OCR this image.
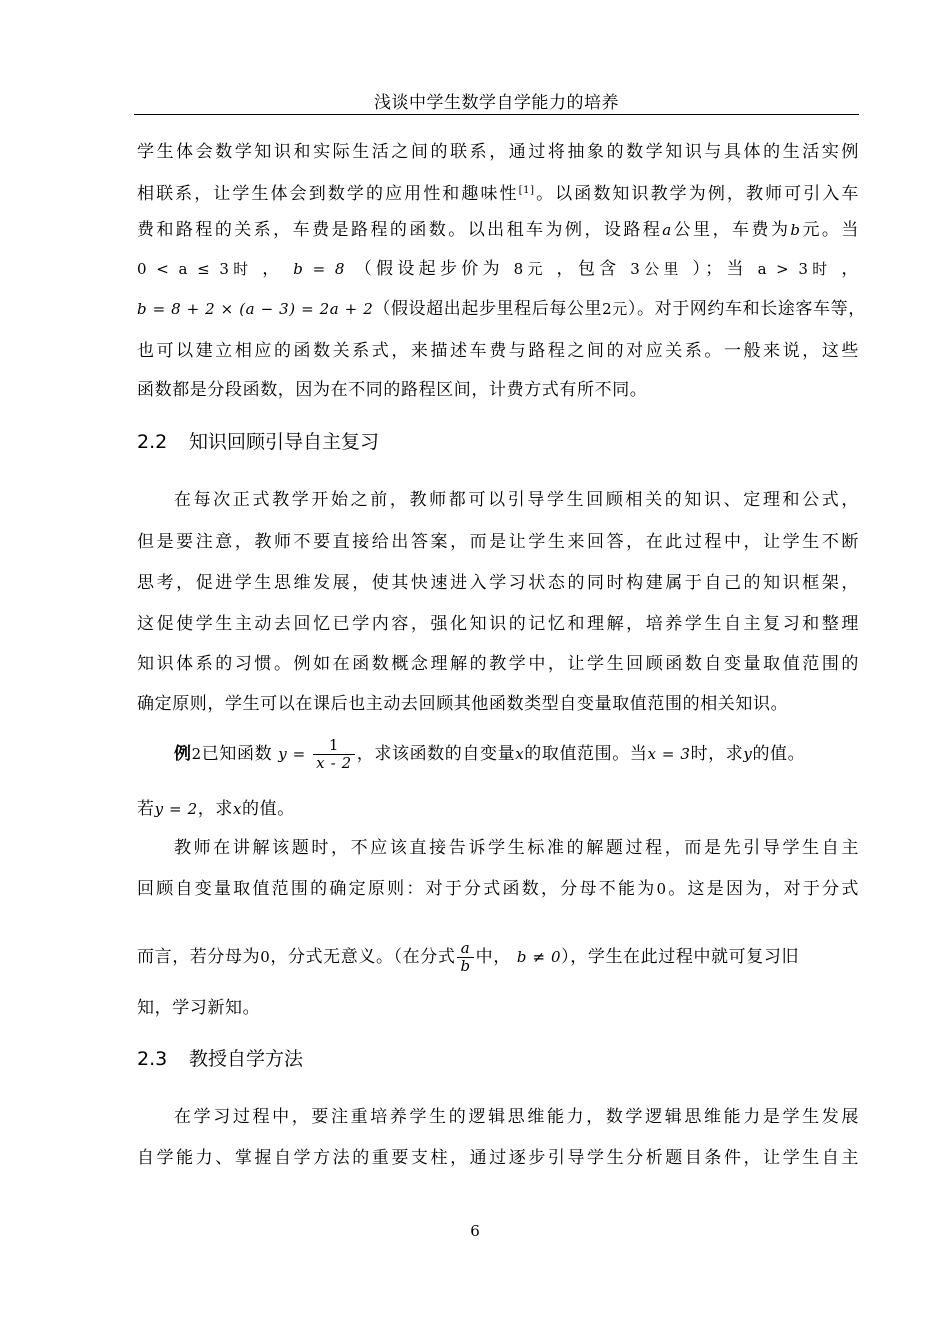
浅谈中学生数学自学能力的培养
学生体会数学知识和实际生活之间的联系，通过将抽象的数学知识与具体的生活实例
相联系，让学生体会到数学的应用性和趣味性[1]。以函数知识教学为例，教师可引入车
费和路程的关系，车费是路程的函数。以出租车为例，设路程a公里，车费为b元。当
0 < a ≤ 3时 ， b = 8 （假设起步价为 8元 ，包含 3公里 ）；当 a > 3时 ，
b = 8 + 2 × (a − 3) = 2a + 2（假设超出起步里程后每公里2元）。对于网约车和长途客车等，
也可以建立相应的函数关系式，来描述车费与路程之间的对应关系。一般来说，这些
函数都是分段函数，因为在不同的路程区间，计费方式有所不同。
2.2 知识回顾引导自主复习
在每次正式教学开始之前，教师都可以引导学生回顾相关的知识、定理和公式，
但是要注意，教师不要直接给出答案，而是让学生来回答，在此过程中，让学生不断
思考，促进学生思维发展，使其快速进入学习状态的同时构建属于自己的知识框架，
这促使学生主动去回忆已学内容，强化知识的记忆和理解，培养学生自主复习和整理
知识体系的习惯。例如在函数概念理解的教学中，让学生回顾函数自变量取值范围的
确定原则，学生可以在课后也主动去回顾其他函数类型自变量取值范围的相关知识。
例2已知函数 $y = \frac{1}{x - 2}$ ，求该函数的自变量x的取值范围。当x = 3时，求y的值。
若y = 2，求x的值。
教师在讲解该题时，不应该直接告诉学生标准的解题过程，而是先引导学生自主
回顾自变量取值范围的确定原则：对于分式函数，分母不能为0。这是因为，对于分式
而言，若分母为0，分式无意义。（在分式 $\frac{a}{b}$ 中， b ≠ 0），学生在此过程中就可复习旧
知，学习新知。
2.3 教授自学方法
在学习过程中，要注重培养学生的逻辑思维能力，数学逻辑思维能力是学生发展
自学能力、掌握自学方法的重要支柱，通过逐步引导学生分析题目条件，让学生自主
6
